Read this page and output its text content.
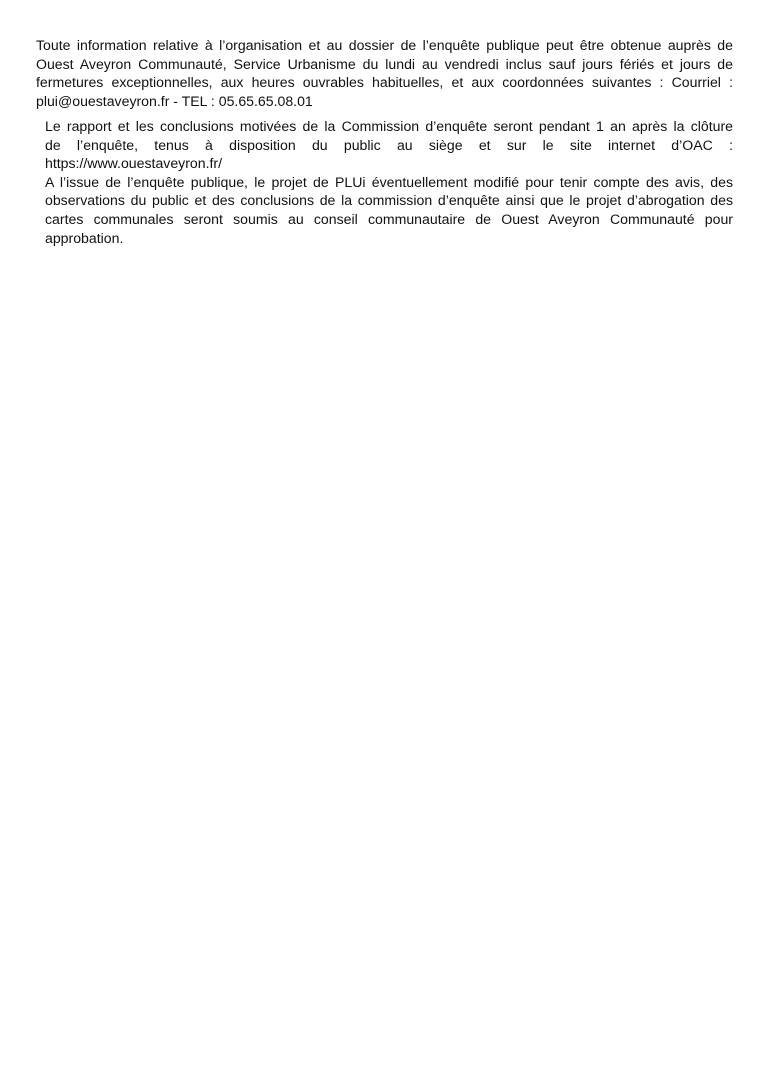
Toute information relative à l’organisation et au dossier de l’enquête publique peut être obtenue auprès de
Ouest Aveyron Communauté, Service Urbanisme du lundi au vendredi inclus sauf jours fériés et jours de
fermetures exceptionnelles, aux heures ouvrables habituelles, et aux coordonnées suivantes : Courriel :
plui@ouestaveyron.fr - TEL : 05.65.65.08.01

Le rapport et les conclusions motivées de la Commission d’enquête seront pendant 1 an après la clôture
de l’enquête, tenus à disposition du public au siège et sur le site internet d’OAC :
https://www.ouestaveyron.fr/
A l’issue de l’enquête publique, le projet de PLUi éventuellement modifié pour tenir compte des avis, des
observations du public et des conclusions de la commission d’enquête ainsi que le projet d’abrogation des
cartes communales seront soumis au conseil communautaire de Ouest Aveyron Communauté pour
approbation.
